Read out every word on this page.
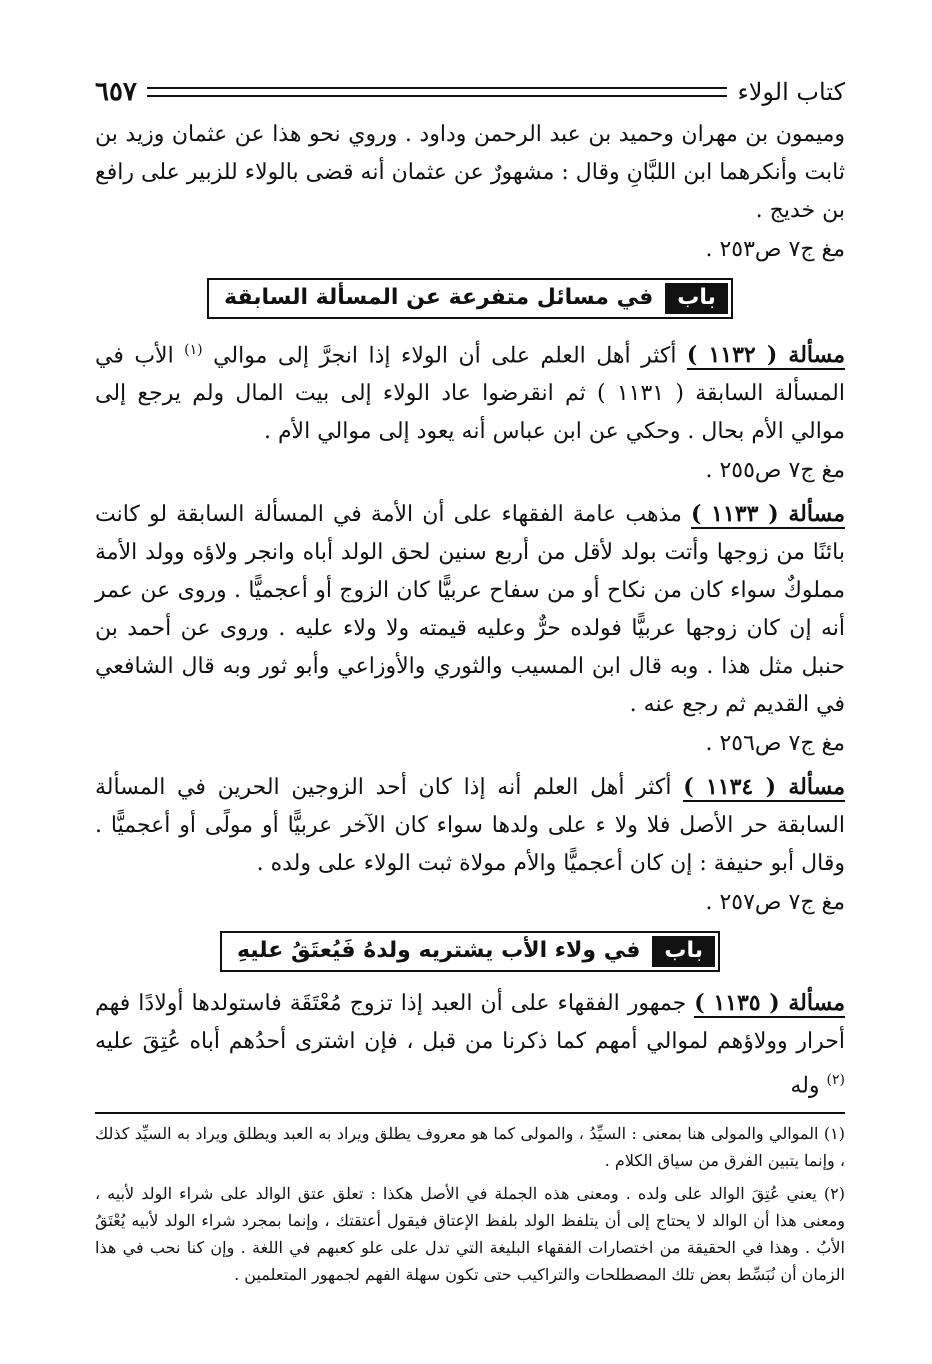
كتاب الولاء
٦٥٧

وميمون بن مهران وحميد بن عبد الرحمن وداود . وروي نحو هذا عن عثمان وزيد بن ثابت وأنكرهما ابن اللبَّانِ وقال : مشهورٌ عن عثمان أنه قضى بالولاء للزبير على رافع بن خديج .

مغ ج٧ ص٢٥٣ .

باب
في مسائل متفرعة عن المسألة السابقة

مسألة ( ١١٣٢ ) أكثر أهل العلم على أن الولاء إذا انجرَّ إلى موالي $^{(١)}$ الأب في المسألة السابقة ( ١١٣١ ) ثم انقرضوا عاد الولاء إلى بيت المال ولم يرجع إلى موالي الأم بحال . وحكي عن ابن عباس أنه يعود إلى موالي الأم .

مغ ج٧ ص٢٥٥ .

مسألة ( ١١٣٣ ) مذهب عامة الفقهاء على أن الأمة في المسألة السابقة لو كانت بائنًا من زوجها وأتت بولد لأقل من أربع سنين لحق الولد أباه وانجر ولاؤه وولد الأمة مملوكٌ سواء كان من نكاح أو من سفاح عربيًّا كان الزوج أو أعجميًّا . وروى عن عمر أنه إن كان زوجها عربيًّا فولده حرٌّ وعليه قيمته ولا ولاء عليه . وروى عن أحمد بن حنبل مثل هذا . وبه قال ابن المسيب والثوري والأوزاعي وأبو ثور وبه قال الشافعي في القديم ثم رجع عنه .

مغ ج٧ ص٢٥٦ .

مسألة ( ١١٣٤ ) أكثر أهل العلم أنه إذا كان أحد الزوجين الحرين في المسألة السابقة حر الأصل فلا ولا ء على ولدها سواء كان الآخر عربيًّا أو مولًى أو أعجميًّا . وقال أبو حنيفة : إن كان أعجميًّا والأم مولاة ثبت الولاء على ولده .

مغ ج٧ ص٢٥٧ .

باب
في ولاء الأب يشتريه ولدهُ فَيُعتَقُ عليهِ

مسألة ( ١١٣٥ ) جمهور الفقهاء على أن العبد إذا تزوج مُعْتَقَة فاستولدها أولادًا فهم أحرار وولاؤهم لموالي أمهم كما ذكرنا من قبل ، فإن اشترى أحدُهم أباه عُتِقَ عليه $^{(٢)}$ وله

(١) الموالي والمولى هنا بمعنى : السيِّدُ ، والمولى كما هو معروف يطلق ويراد به العبد ويطلق ويراد به السيِّد كذلك ، وإنما يتبين الفرق من سياق الكلام .

(٢) يعني عُتِقَ الوالد على ولده . ومعنى هذه الجملة في الأصل هكذا : تعلق عتق الوالد على شراء الولد لأبيه ، ومعنى هذا أن الوالد لا يحتاج إلى أن يتلفظ الولد بلفظ الإعتاق فيقول أعتقتك ، وإنما بمجرد شراء الولد لأبيه يُعْتَقُ الأبُ . وهذا في الحقيقة من اختصارات الفقهاء البليغة التي تدل على علو كعبهم في اللغة . وإن كنا نحب في هذا الزمان أن نُبَسِّط بعض تلك المصطلحات والتراكيب حتى تكون سهلة الفهم لجمهور المتعلمين .
